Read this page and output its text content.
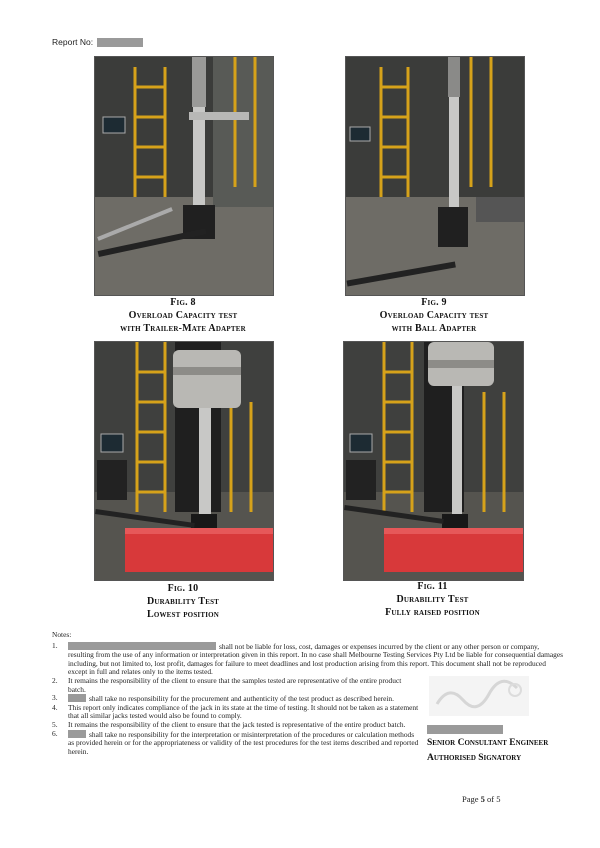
Report No:
Fig. 8
Overload Capacity test
with Trailer-Mate Adapter
Fig. 9
Overload Capacity test
with Ball Adapter
Fig. 10
Durability Test
Lowest position
Fig. 11
Durability Test
Fully raised position
Notes:
1.	shall not be liable for loss, cost, damages or expenses incurred by the client or any other person or company, resulting from the use of any information or interpretation given in this report. In no case shall Melbourne Testing Services Pty Ltd be liable for consequential damages including, but not limited to, lost profit, damages for failure to meet deadlines and lost production arising from this report. This document shall not be reproduced except in full and relates only to the items tested.
2.	It remains the responsibility of the client to ensure that the samples tested are representative of the entire product batch.
3.	shall take no responsibility for the procurement and authenticity of the test product as described herein.
4.	This report only indicates compliance of the jack in its state at the time of testing. It should not be taken as a statement that all similar jacks tested would also be found to comply.
5.	It remains the responsibility of the client to ensure that the jack tested is representative of the entire product batch.
6.	shall take no responsibility for the interpretation or misinterpretation of the procedures or calculation methods as provided herein or for the appropriateness or validity of the test procedures for the test items described and reported herein.
Senior Consultant Engineer
Authorised Signatory
Page 5 of 5
